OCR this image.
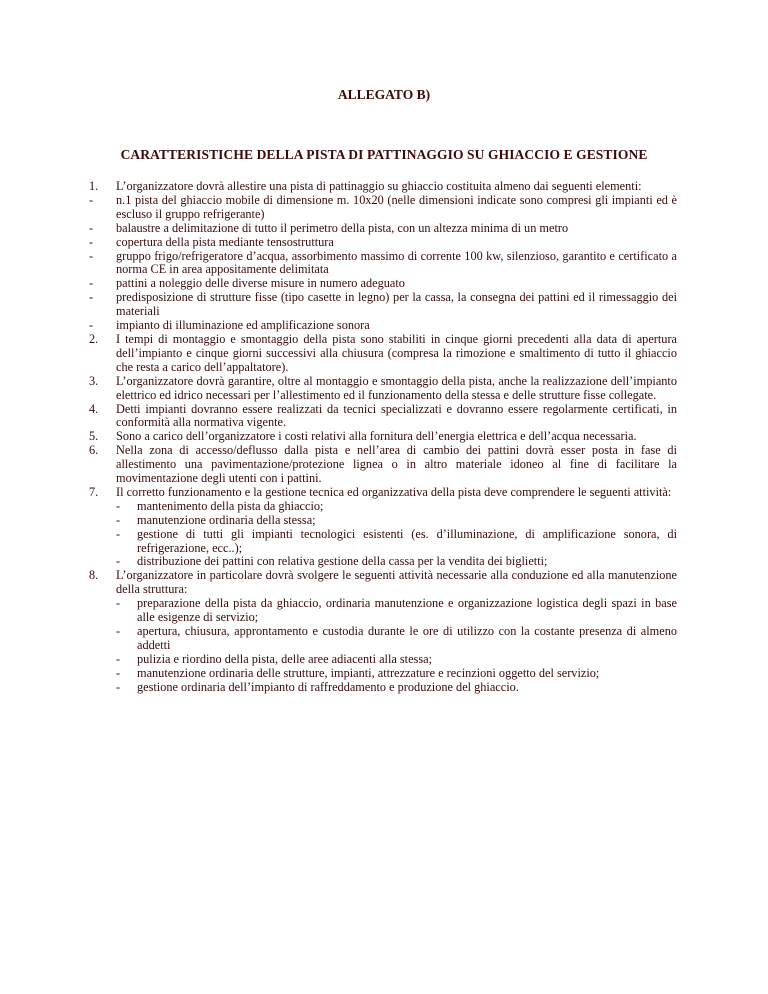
ALLEGATO B)
CARATTERISTICHE DELLA PISTA DI PATTINAGGIO SU GHIACCIO E GESTIONE
1.	L’organizzatore dovrà allestire una pista di pattinaggio su ghiaccio costituita almeno dai seguenti elementi:
-	n.1 pista del ghiaccio mobile di dimensione m. 10x20 (nelle dimensioni indicate sono compresi gli impianti ed è escluso il gruppo refrigerante)
-	balaustre a delimitazione di tutto il perimetro della pista, con un altezza minima di un metro
-	copertura della pista mediante tensostruttura
-	gruppo frigo/refrigeratore d’acqua, assorbimento massimo di corrente 100 kw, silenzioso, garantito e certificato a norma CE in area appositamente delimitata
-	pattini a noleggio delle diverse misure in numero adeguato
-	predisposizione di strutture fisse (tipo casette in legno) per la cassa, la consegna dei pattini ed il rimessaggio dei materiali
-	impianto di illuminazione ed amplificazione sonora
2.	I tempi di montaggio e smontaggio della pista sono stabiliti in cinque giorni precedenti alla data di apertura dell’impianto e cinque giorni successivi alla chiusura (compresa la rimozione e smaltimento di tutto il ghiaccio che resta a carico dell’appaltatore).
3.	L’organizzatore dovrà garantire, oltre al montaggio e smontaggio della pista, anche la realizzazione dell’impianto elettrico ed idrico necessari per l’allestimento ed il funzionamento della stessa e delle strutture fisse collegate.
4.	Detti impianti dovranno essere realizzati da tecnici specializzati e dovranno essere regolarmente certificati, in conformità alla normativa vigente.
5.	Sono a carico dell’organizzatore i costi relativi alla fornitura dell’energia elettrica e dell’acqua necessaria.
6.	Nella zona di accesso/deflusso dalla pista e nell’area di cambio dei pattini dovrà esser posta in fase di allestimento una pavimentazione/protezione lignea o in altro materiale idoneo al fine di facilitare la movimentazione degli utenti con i pattini.
7.	Il corretto funzionamento e la gestione tecnica ed organizzativa della pista deve comprendere le seguenti attività:
-	mantenimento della pista da ghiaccio;
-	manutenzione ordinaria della stessa;
-	gestione di tutti gli impianti tecnologici esistenti (es. d’illuminazione, di amplificazione sonora, di refrigerazione, ecc..);
-	distribuzione dei pattini con relativa gestione della cassa per la vendita dei biglietti;
8.	L’organizzatore in particolare dovrà svolgere le seguenti attività necessarie alla conduzione ed alla manutenzione della struttura:
-	preparazione della pista da ghiaccio, ordinaria manutenzione e organizzazione logistica degli spazi in base alle esigenze di servizio;
-	apertura, chiusura, approntamento e custodia durante le ore di utilizzo con la costante presenza di almeno addetti
-	pulizia e riordino della pista, delle aree adiacenti alla stessa;
-	manutenzione ordinaria delle strutture, impianti, attrezzature e recinzioni oggetto del servizio;
-	gestione ordinaria dell’impianto di raffreddamento e produzione del ghiaccio.
